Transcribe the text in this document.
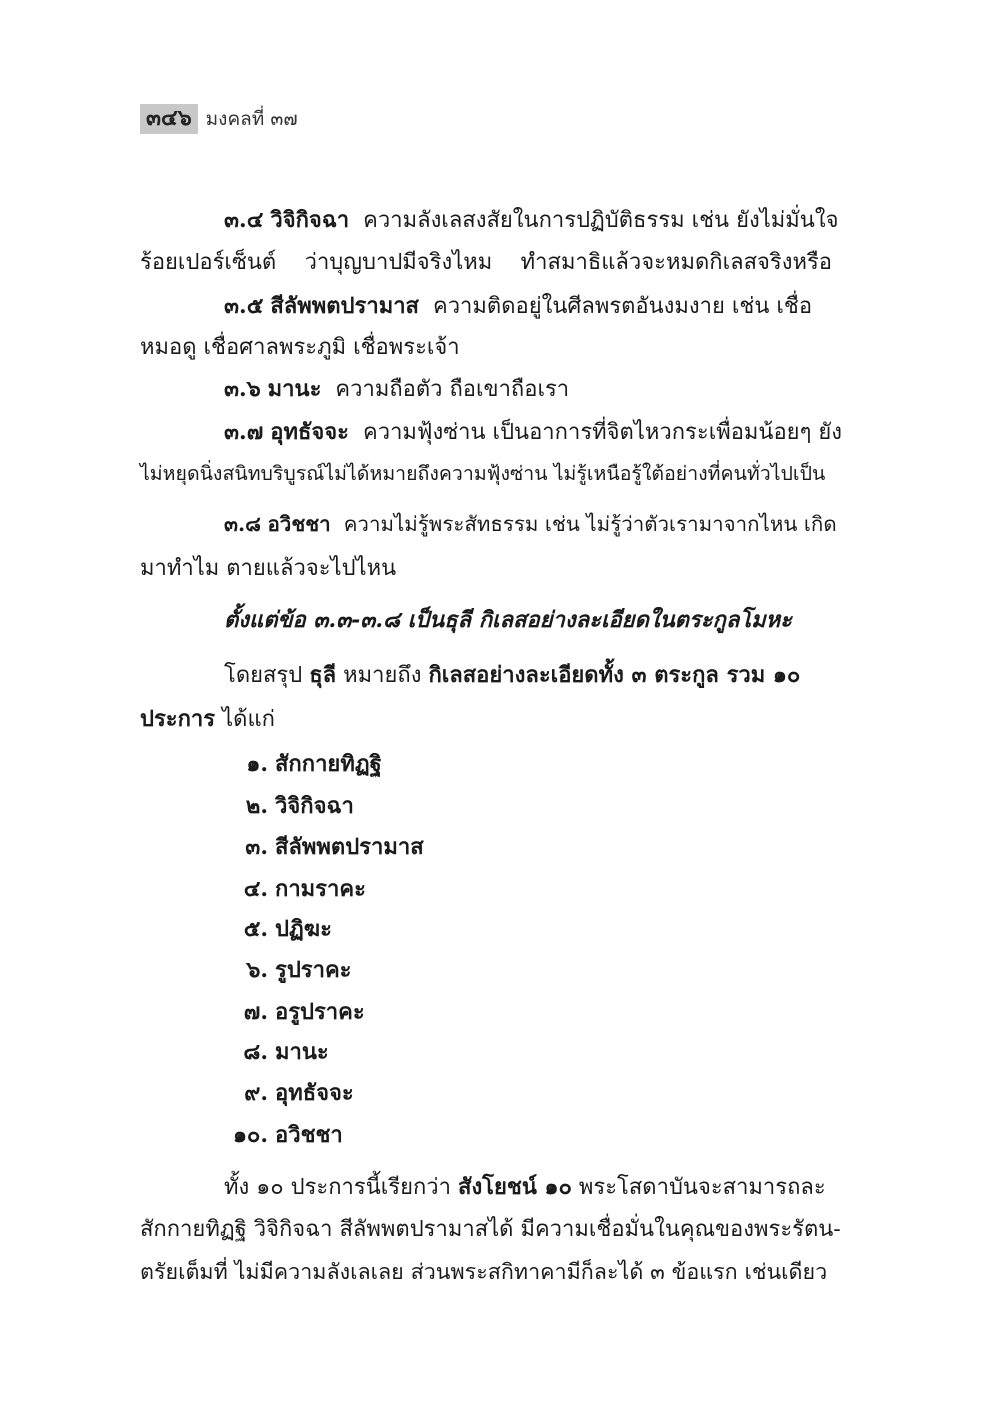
๓๔๖ มงคลที่ ๓๗
๓.๔ วิจิกิจฉา ความลังเลสงสัยในการปฏิบัติธรรม เช่น ยังไม่มั่นใจ
ร้อยเปอร์เซ็นต์ ว่าบุญบาปมีจริงไหม ทำสมาธิแล้วจะหมดกิเลสจริงหรือ
๓.๕ สีลัพพตปรามาส ความติดอยู่ในศีลพรตอันงมงาย เช่น เชื่อ
หมอดู เชื่อศาลพระภูมิ เชื่อพระเจ้า
๓.๖ มานะ ความถือตัว ถือเขาถือเรา
๓.๗ อุทธัจจะ ความฟุ้งซ่าน เป็นอาการที่จิตไหวกระเพื่อมน้อยๆ ยัง
ไม่หยุดนิ่งสนิทบริบูรณ์ไม่ได้หมายถึงความฟุ้งซ่าน ไม่รู้เหนือรู้ใต้อย่างที่คนทั่วไปเป็น
๓.๘ อวิชชา ความไม่รู้พระสัทธรรม เช่น ไม่รู้ว่าตัวเรามาจากไหน เกิด
มาทำไม ตายแล้วจะไปไหน
ตั้งแต่ข้อ ๓.๓-๓.๘ เป็นธุลี กิเลสอย่างละเอียดในตระกูลโมหะ
โดยสรุป ธุลี หมายถึง กิเลสอย่างละเอียดทั้ง ๓ ตระกูล รวม ๑๐
ประการ ได้แก่
๑. สักกายทิฏฐิ
๒. วิจิกิจฉา
๓. สีลัพพตปรามาส
๔. กามราคะ
๕. ปฏิฆะ
๖. รูปราคะ
๗. อรูปราคะ
๘. มานะ
๙. อุทธัจจะ
๑๐. อวิชชา
ทั้ง ๑๐ ประการนี้เรียกว่า สังโยชน์ ๑๐ พระโสดาบันจะสามารถละ
สักกายทิฏฐิ วิจิกิจฉา สีลัพพตปรามาสได้ มีความเชื่อมั่นในคุณของพระรัตน-
ตรัยเต็มที่ ไม่มีความลังเลเลย ส่วนพระสกิทาคามีก็ละได้ ๓ ข้อแรก เช่นเดียว
